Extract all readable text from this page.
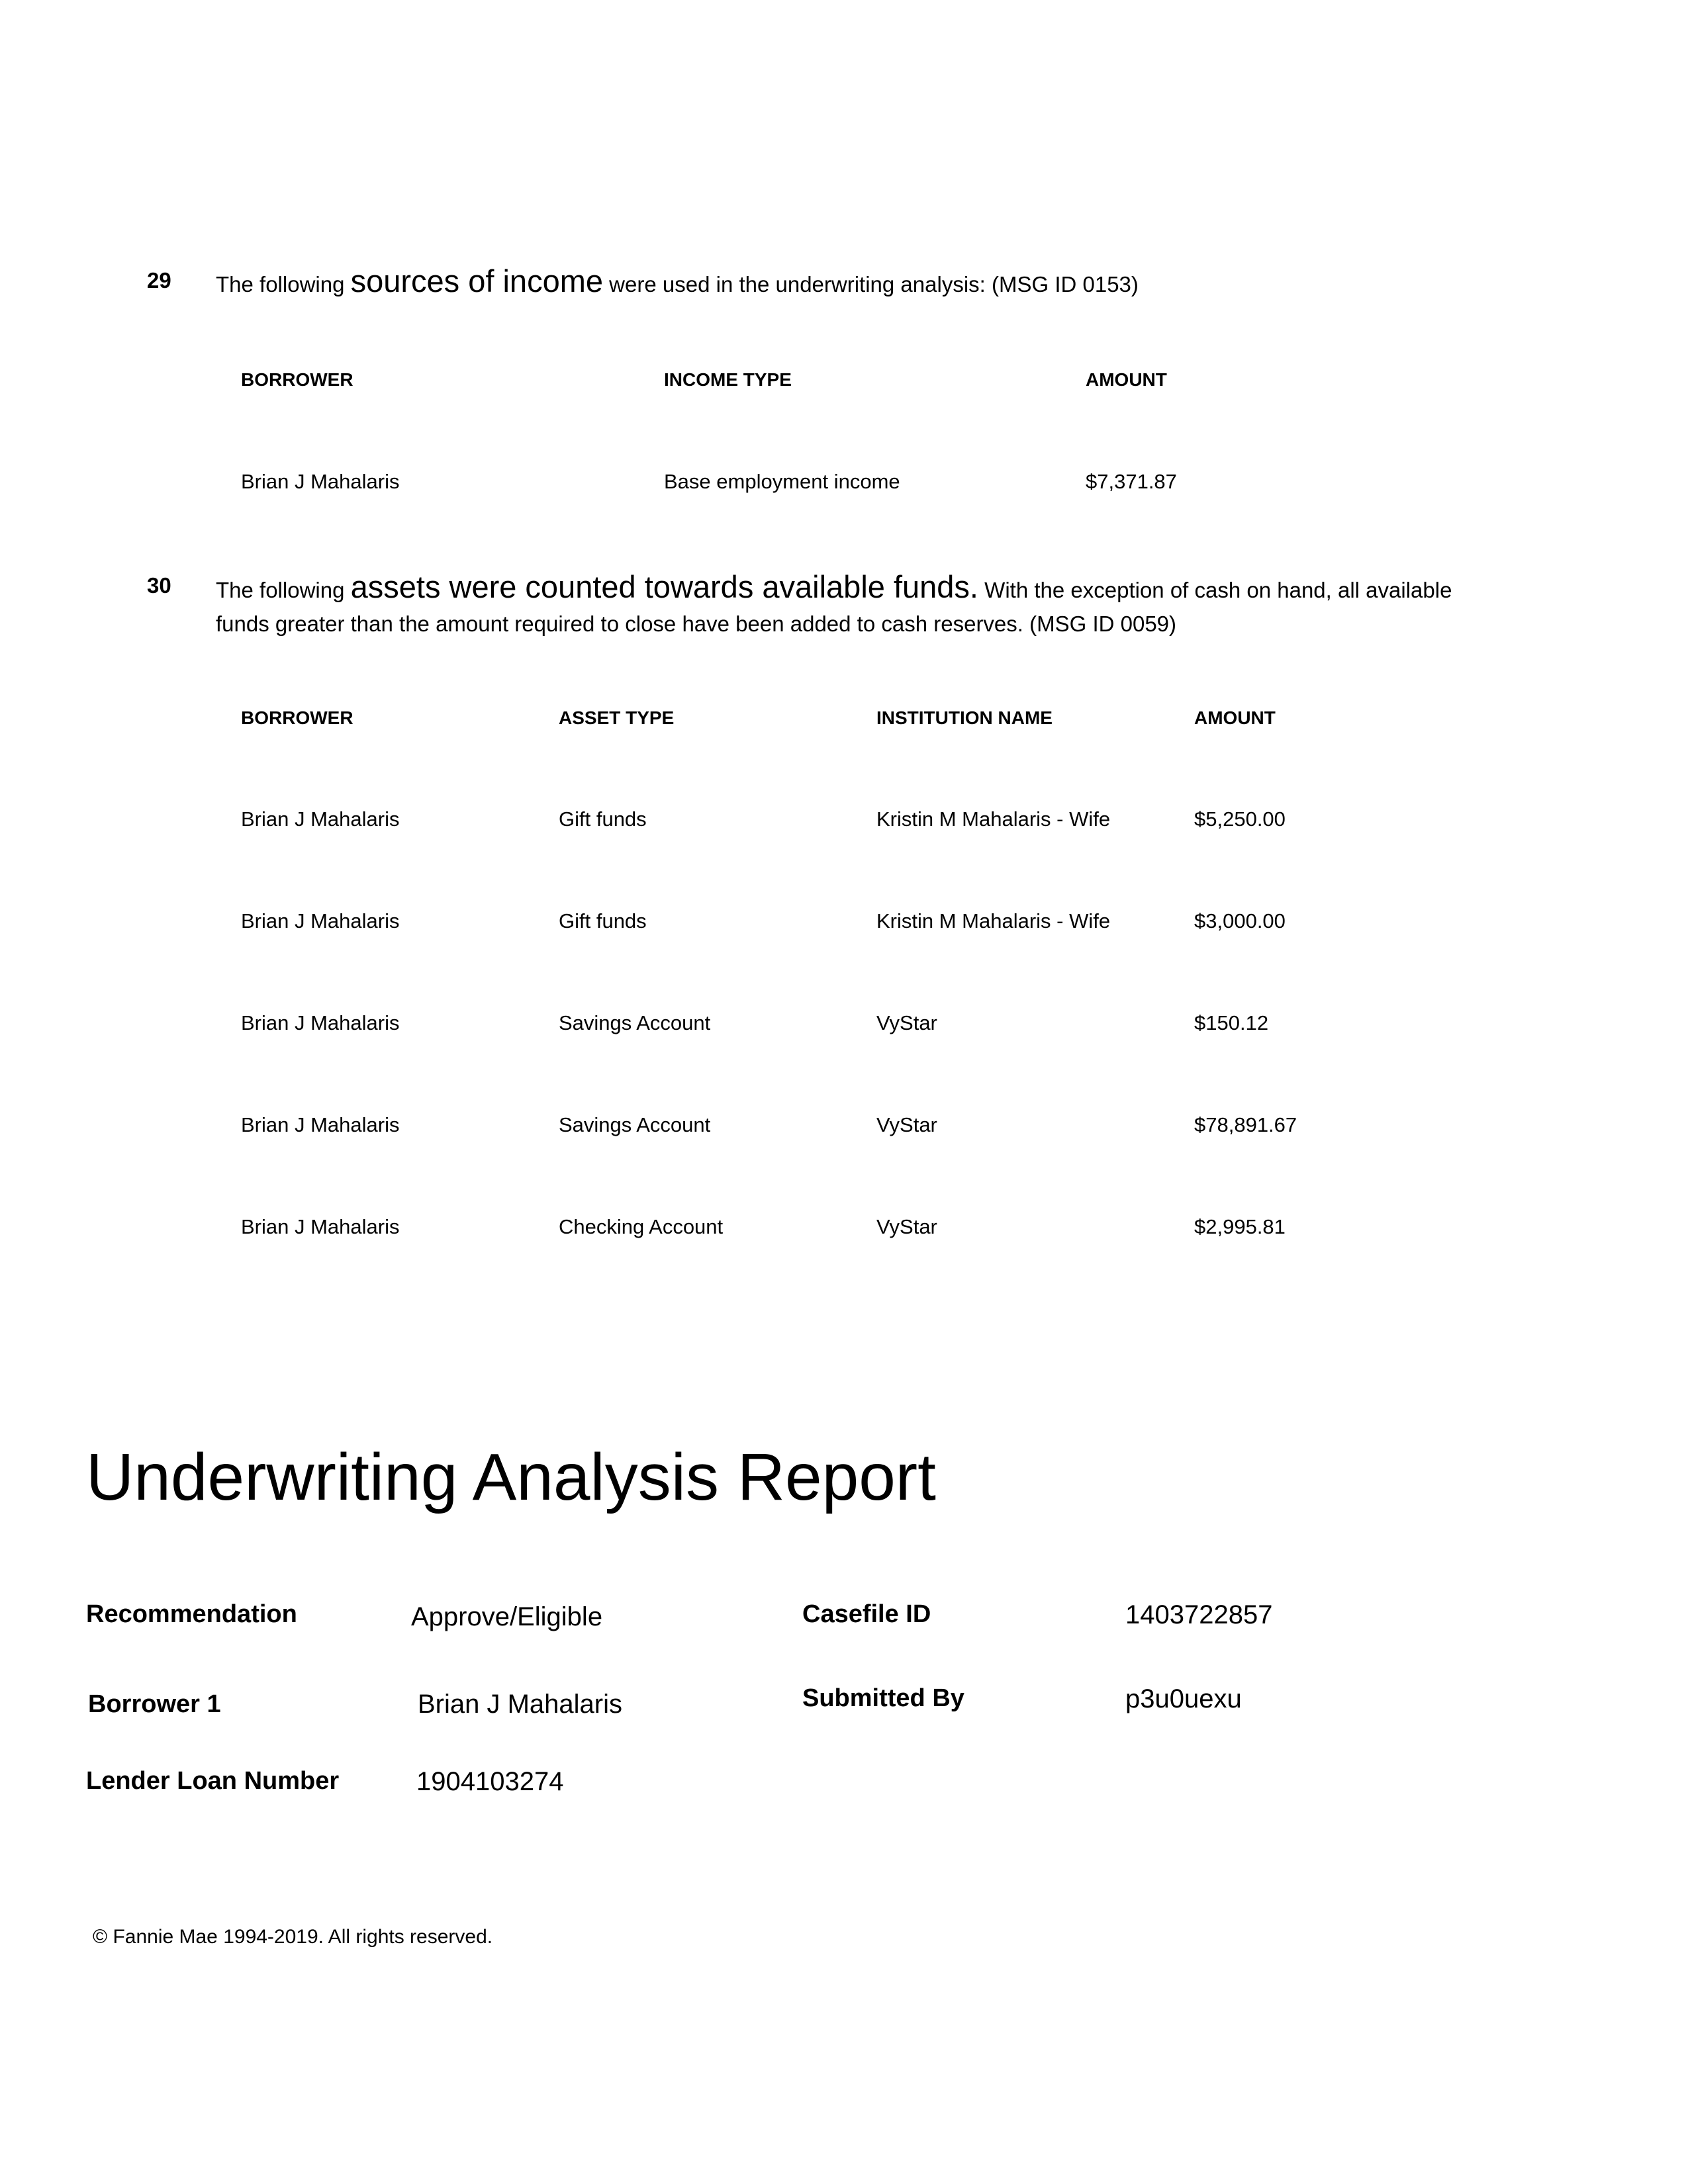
29 The following sources of income were used in the underwriting analysis: (MSG ID 0153)
BORROWER	INCOME TYPE	AMOUNT
Brian J Mahalaris	Base employment income	$7,371.87
30 The following assets were counted towards available funds. With the exception of cash on hand, all available
funds greater than the amount required to close have been added to cash reserves. (MSG ID 0059)
BORROWER	ASSET TYPE	INSTITUTION NAME	AMOUNT
Brian J Mahalaris	Gift funds	Kristin M Mahalaris - Wife	$5,250.00
Brian J Mahalaris	Gift funds	Kristin M Mahalaris - Wife	$3,000.00
Brian J Mahalaris	Savings Account	VyStar	$150.12
Brian J Mahalaris	Savings Account	VyStar	$78,891.67
Brian J Mahalaris	Checking Account	VyStar	$2,995.81
Underwriting Analysis Report
Recommendation	Approve/Eligible	Casefile ID	1403722857
Borrower 1	Brian J Mahalaris	Submitted By	p3u0uexu
Lender Loan Number	1904103274
© Fannie Mae 1994-2019. All rights reserved.
